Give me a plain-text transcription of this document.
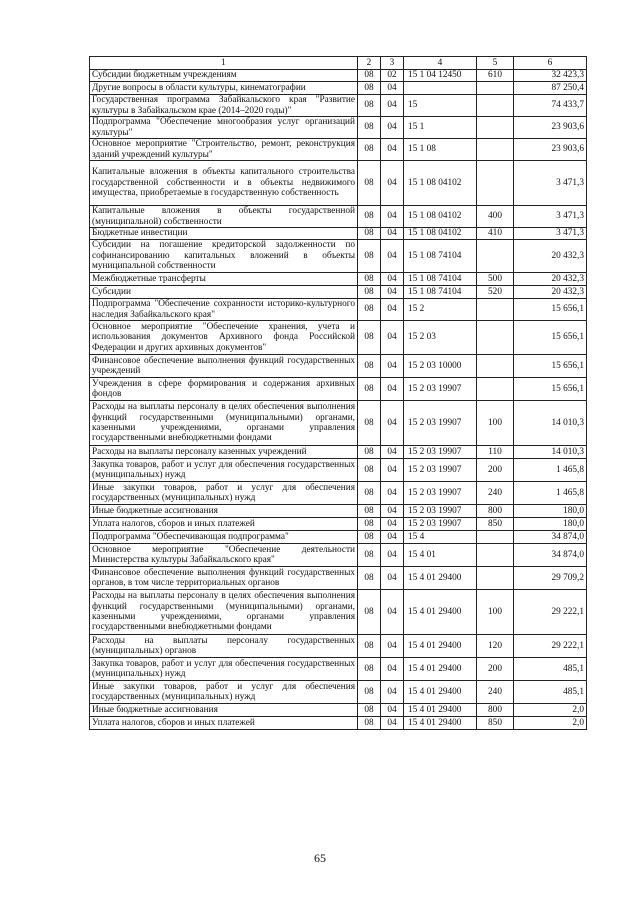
1	2	3	4	5	6
Субсидии бюджетным учреждениям	08	02	15 1 04 12450	610	32 423,3
Другие вопросы в области культуры, кинематографии	08	04			87 250,4
Государственная программа Забайкальского края "Развитие культуры в Забайкальском крае (2014–2020 годы)"	08	04	15		74 433,7
Подпрограмма "Обеспечение многообразия услуг организаций культуры"	08	04	15 1		23 903,6
Основное мероприятие "Строительство, ремонт, реконструкция зданий учреждений культуры"	08	04	15 1 08		23 903,6
Капитальные вложения в объекты капитального строительства государственной собственности и в объекты недвижимого имущества, приобретаемые в государственную собственность	08	04	15 1 08 04102		3 471,3
Капитальные вложения в объекты государственной (муниципальной) собственности	08	04	15 1 08 04102	400	3 471,3
Бюджетные инвестиции	08	04	15 1 08 04102	410	3 471,3
Субсидии на погашение кредиторской задолженности по софинансированию капитальных вложений в объекты муниципальной собственности	08	04	15 1 08 74104		20 432,3
Межбюджетные трансферты	08	04	15 1 08 74104	500	20 432,3
Субсидии	08	04	15 1 08 74104	520	20 432,3
Подпрограмма "Обеспечение сохранности историко-культурного наследия Забайкальского края"	08	04	15 2		15 656,1
Основное мероприятие "Обеспечение хранения, учета и использования документов Архивного фонда Российской Федерации и других архивных документов"	08	04	15 2 03		15 656,1
Финансовое обеспечение выполнения функций государственных учреждений	08	04	15 2 03 10000		15 656,1
Учреждения в сфере формирования и содержания архивных фондов	08	04	15 2 03 19907		15 656,1
Расходы на выплаты персоналу в целях обеспечения выполнения функций государственными (муниципальными) органами, казенными учреждениями, органами управления государственными внебюджетными фондами	08	04	15 2 03 19907	100	14 010,3
Расходы на выплаты персоналу казенных учреждений	08	04	15 2 03 19907	110	14 010,3
Закупка товаров, работ и услуг для обеспечения государственных (муниципальных) нужд	08	04	15 2 03 19907	200	1 465,8
Иные закупки товаров, работ и услуг для обеспечения государственных (муниципальных) нужд	08	04	15 2 03 19907	240	1 465,8
Иные бюджетные ассигнования	08	04	15 2 03 19907	800	180,0
Уплата налогов, сборов и иных платежей	08	04	15 2 03 19907	850	180,0
Подпрограмма "Обеспечивающая подпрограмма"	08	04	15 4		34 874,0
Основное мероприятие "Обеспечение деятельности Министерства культуры Забайкальского края"	08	04	15 4 01		34 874,0
Финансовое обеспечение выполнения функций государственных органов, в том числе территориальных органов	08	04	15 4 01 29400		29 709,2
Расходы на выплаты персоналу в целях обеспечения выполнения функций государственными (муниципальными) органами, казенными учреждениями, органами управления государственными внебюджетными фондами	08	04	15 4 01 29400	100	29 222,1
Расходы на выплаты персоналу государственных (муниципальных) органов	08	04	15 4 01 29400	120	29 222,1
Закупка товаров, работ и услуг для обеспечения государственных (муниципальных) нужд	08	04	15 4 01 29400	200	485,1
Иные закупки товаров, работ и услуг для обеспечения государственных (муниципальных) нужд	08	04	15 4 01 29400	240	485,1
Иные бюджетные ассигнования	08	04	15 4 01 29400	800	2,0
Уплата налогов, сборов и иных платежей	08	04	15 4 01 29400	850	2,0
65
